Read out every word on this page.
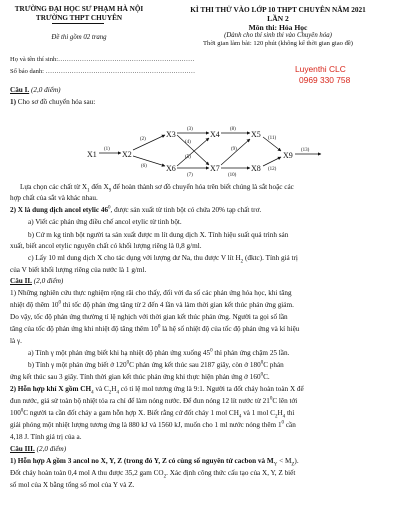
TRƯỜNG ĐẠI HỌC SƯ PHẠM HÀ NỘI
TRƯỜNG THPT CHUYÊN
KÌ THI THỬ VÀO LỚP 10 THPT CHUYÊN NĂM 2021
LẦN 2
Môn thi: Hóa Học
(Dành cho thí sinh thi vào Chuyên hóa)
Thời gian làm bài: 120 phút (không kể thời gian giao đề)
Đề thi gồm 02 trang
Họ và tên thí sinh:………………………………………………………
Số báo danh: ……………………………………………………………	Luyenthi CLC
0969 330 758
Câu I. (2,0 điểm)
1) Cho sơ đồ chuyển hóa sau:
X1	X2
X3	X4	X5
X6	X7	X8
X9
(1)
(2)
(3)
(4)
(5)
(6)
(7)
(8)
(9)
(10)
(11)
(12)
(13)
Lựa chọn các chất từ $X_1$ đến $X_9$ để hoàn thành sơ đồ chuyển hóa trên biết chúng là sắt hoặc các
hợp chất của sắt và khác nhau.
2) X là dung dịch ancol etylic $46^0$, được sản xuất từ tinh bột có chứa 20% tạp chất trơ.
a) Viết các phản ứng điều chế ancol etylic từ tinh bột.
b) Cứ m kg tinh bột người ta sản xuất được m lít dung dịch X. Tính hiệu suất quá trình sản
xuất, biết ancol etylic nguyên chất có khối lượng riêng là 0,8 g/ml.
c) Lấy 10 ml dung dịch X cho tác dụng với lượng dư Na, thu được V lít $H_2$ (đktc). Tính giá trị
của V biết khối lượng riêng của nước là 1 g/ml.
Câu II. (2,0 điểm)
1) Những nghiên cứu thực nghiệm rộng rãi cho thấy, đối với đa số các phản ứng hóa học, khi tăng
nhiệt độ thêm $10^0$ thì tốc độ phản ứng tăng từ 2 đến 4 lần và làm thời gian kết thúc phản ứng giảm.
Do vậy, tốc độ phản ứng thường tỉ lệ nghịch với thời gian kết thúc phản ứng. Người ta gọi số lần
tăng của tốc độ phản ứng khi nhiệt độ tăng thêm $10^0$ là hệ số nhiệt độ của tốc độ phản ứng và kí hiệu
là γ.
a) Tính γ một phản ứng biết khi hạ nhiệt độ phản ứng xuống $45^0$ thì phản ứng chậm 25 lần.
b) Tính γ một phản ứng biết ở $120^0C$ phản ứng kết thúc sau 2187 giây, còn ở $180^0C$ phản
ứng kết thúc sau 3 giây. Tính thời gian kết thúc phản ứng khi thực hiện phản ứng ở $160^0C$.
2) Hỗn hợp khí X gồm $CH_4$ và $C_2H_4$ có tỉ lệ mol tương ứng là 9:1. Người ta đốt cháy hoàn toàn X để
đun nước, giả sử toàn bộ nhiệt tỏa ra chỉ để làm nóng nước. Để đun nóng 12 lít nước từ $21^0C$ lên tới
$100^0C$ người ta cần đốt cháy a gam hỗn hợp X. Biết rằng cứ đốt cháy 1 mol $CH_4$ và 1 mol $C_2H_4$ thì
giải phóng một nhiệt lượng tương ứng là 880 kJ và 1560 kJ, muốn cho 1 ml nước nóng thêm $1^0$ cần
4,18 J. Tính giá trị của a.
Câu III. (2,0 điểm)
1) Hỗn hợp A gồm 3 ancol no X, Y, Z (trong đó Y, Z có cùng số nguyên tử cacbon và $M_Y < M_Z$).
Đốt cháy hoàn toàn 0,4 mol A thu được 35,2 gam $CO_2$. Xác định công thức cấu tạo của X, Y, Z biết
số mol của X bằng tổng số mol của Y và Z.
